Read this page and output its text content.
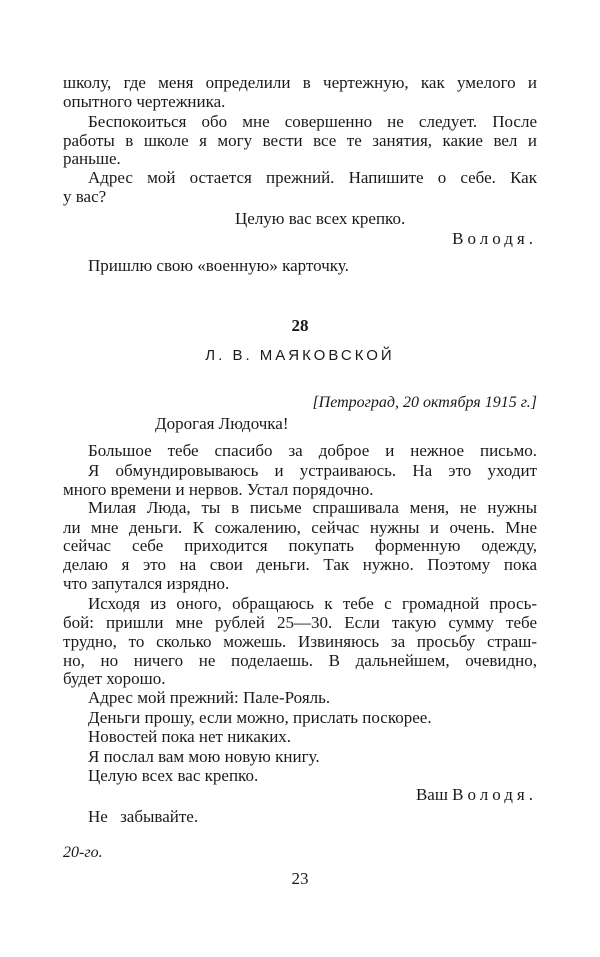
школу, где меня определили в чертежную, как умелого и
опытного чертежника.
Беспокоиться обо мне совершенно не следует. После
работы в школе я могу вести все те занятия, какие вел и
раньше.
Адрес мой остается прежний. Напишите о себе. Как
у вас?
Целую вас всех крепко.
Володя.
Пришлю свою «военную» карточку.
28
Л. В. МАЯКОВСКОЙ
[Петроград, 20 октября 1915 г.]
Дорогая Людочка!
Большое тебе спасибо за доброе и нежное письмо.
Я обмундировываюсь и устраиваюсь. На это уходит
много времени и нервов. Устал порядочно.
Милая Люда, ты в письме спрашивала меня, не нужны
ли мне деньги. К сожалению, сейчас нужны и очень. Мне
сейчас себе приходится покупать форменную одежду,
делаю я это на свои деньги. Так нужно. Поэтому пока
что запутался изрядно.
Исходя из оного, обращаюсь к тебе с громадной прось-
бой: пришли мне рублей 25—30. Если такую сумму тебе
трудно, то сколько можешь. Извиняюсь за просьбу страш-
но, но ничего не поделаешь. В дальнейшем, очевидно,
будет хорошо.
Адрес мой прежний: Пале-Рояль.
Деньги прошу, если можно, прислать поскорее.
Новостей пока нет никаких.
Я послал вам мою новую книгу.
Целую всех вас крепко.
Ваш Володя.
Не забывайте.
20-го.
23
